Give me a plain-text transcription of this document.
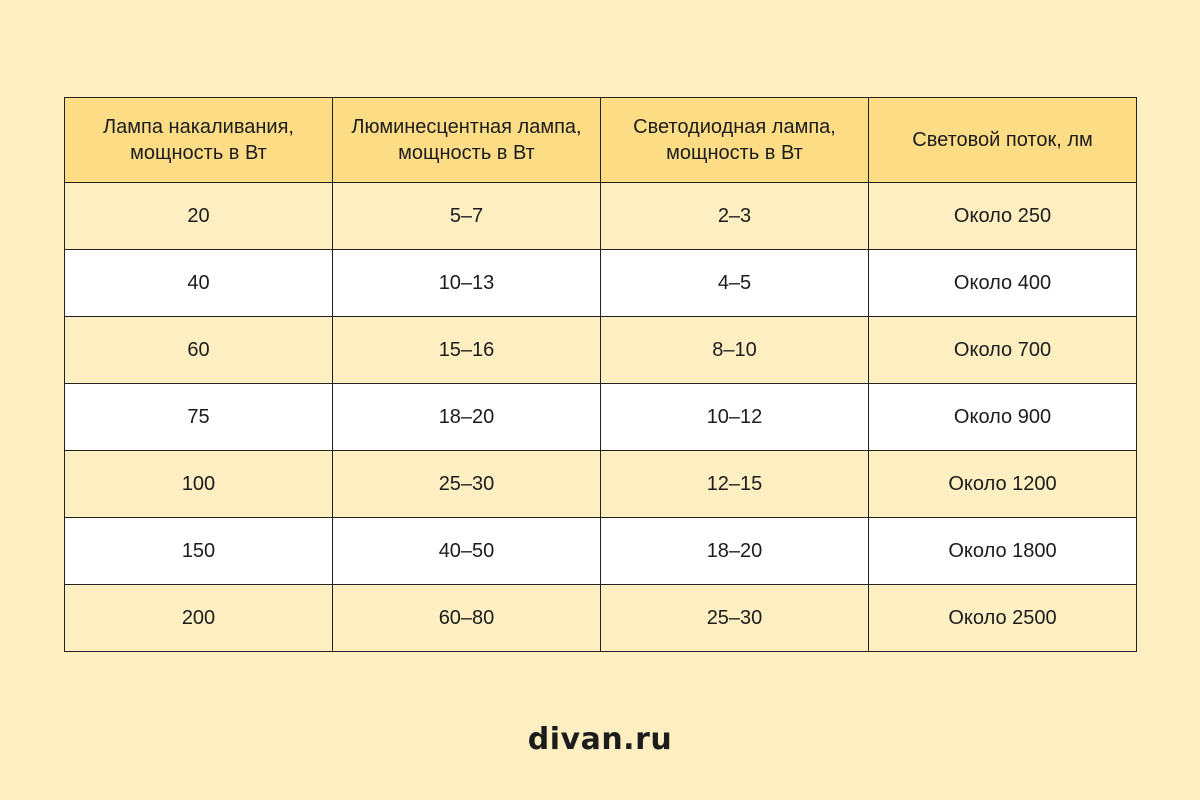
Лампа накаливания, мощность в Вт	Люминесцентная лампа, мощность в Вт	Светодиодная лампа, мощность в Вт	Световой поток, лм
20	5–7	2–3	Около 250
40	10–13	4–5	Около 400
60	15–16	8–10	Около 700
75	18–20	10–12	Около 900
100	25–30	12–15	Около 1200
150	40–50	18–20	Около 1800
200	60–80	25–30	Около 2500
divan.ru
